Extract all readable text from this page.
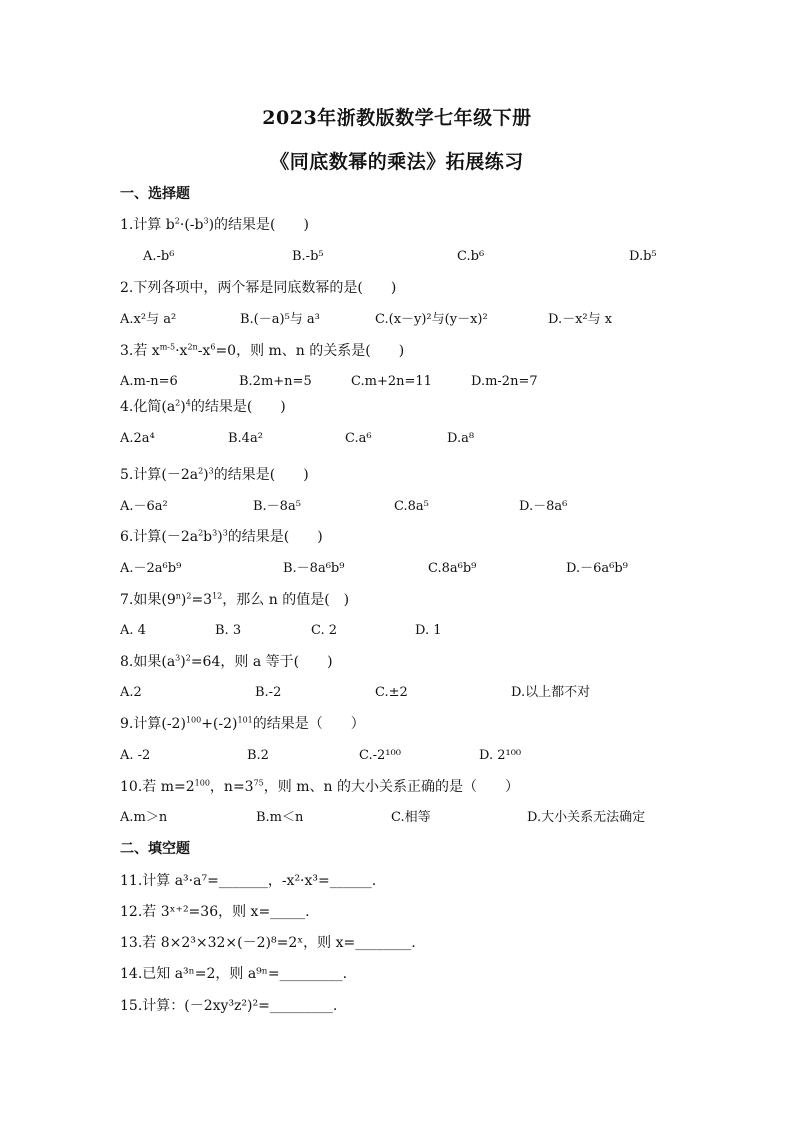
2023年浙教版数学七年级下册
《同底数幂的乘法》拓展练习
一、选择题
1.计算 $b^2\cdot(-b^3)$的结果是(　　)
A.-b⁶	B.-b⁵	C.b⁶	D.b⁵
2.下列各项中，两个幂是同底数幂的是(　　)
A.x²与 a²	B.(－a)⁵与 a³	C.(x－y)²与(y－x)²	D.－x²与 x
3.若 $x^{m-5}\cdot x^{2n}-x^6=0$，则 m、n 的关系是(　　)
A.m-n=6	B.2m+n=5	C.m+2n=11	D.m-2n=7
4.化简$(a^2)^4$的结果是(　　)
A.2a⁴	B.4a²	C.a⁶	D.a⁸
5.计算$(-2a^2)^3$的结果是(　　)
A.－6a²	B.－8a⁵	C.8a⁵	D.－8a⁶
6.计算$(-2a^2b^3)^3$的结果是(　　)
A.－2a⁶b⁹	B.－8a⁶b⁹	C.8a⁶b⁹	D.－6a⁶b⁹
7.如果$(9^n)^2=3^{12}$，那么 n 的值是(　)
A. 4	B. 3	C. 2	D. 1
8.如果$(a^3)^2=64$，则 a 等于(　　)
A.2	B.-2	C.±2	D.以上都不对
9.计算$(-2)^{100}+(-2)^{101}$的结果是（　　）
A. -2	B.2	C.-2¹⁰⁰	D. 2¹⁰⁰
10.若 $m=2^{100}$，$n=3^{75}$，则 m、n 的大小关系正确的是（　　）
A.m＞n	B.m＜n	C.相等	D.大小关系无法确定
二、填空题
11.计算 a³·a⁷=_______，-x²·x³=______.
12.若 3ˣ⁺²=36，则 x=_____.
13.若 8×2³×32×(－2)⁸=2ˣ，则 x=________.
14.已知 a³ⁿ=2，则 a⁹ⁿ=_________.
15.计算：(－2xy³z²)²=_________.
